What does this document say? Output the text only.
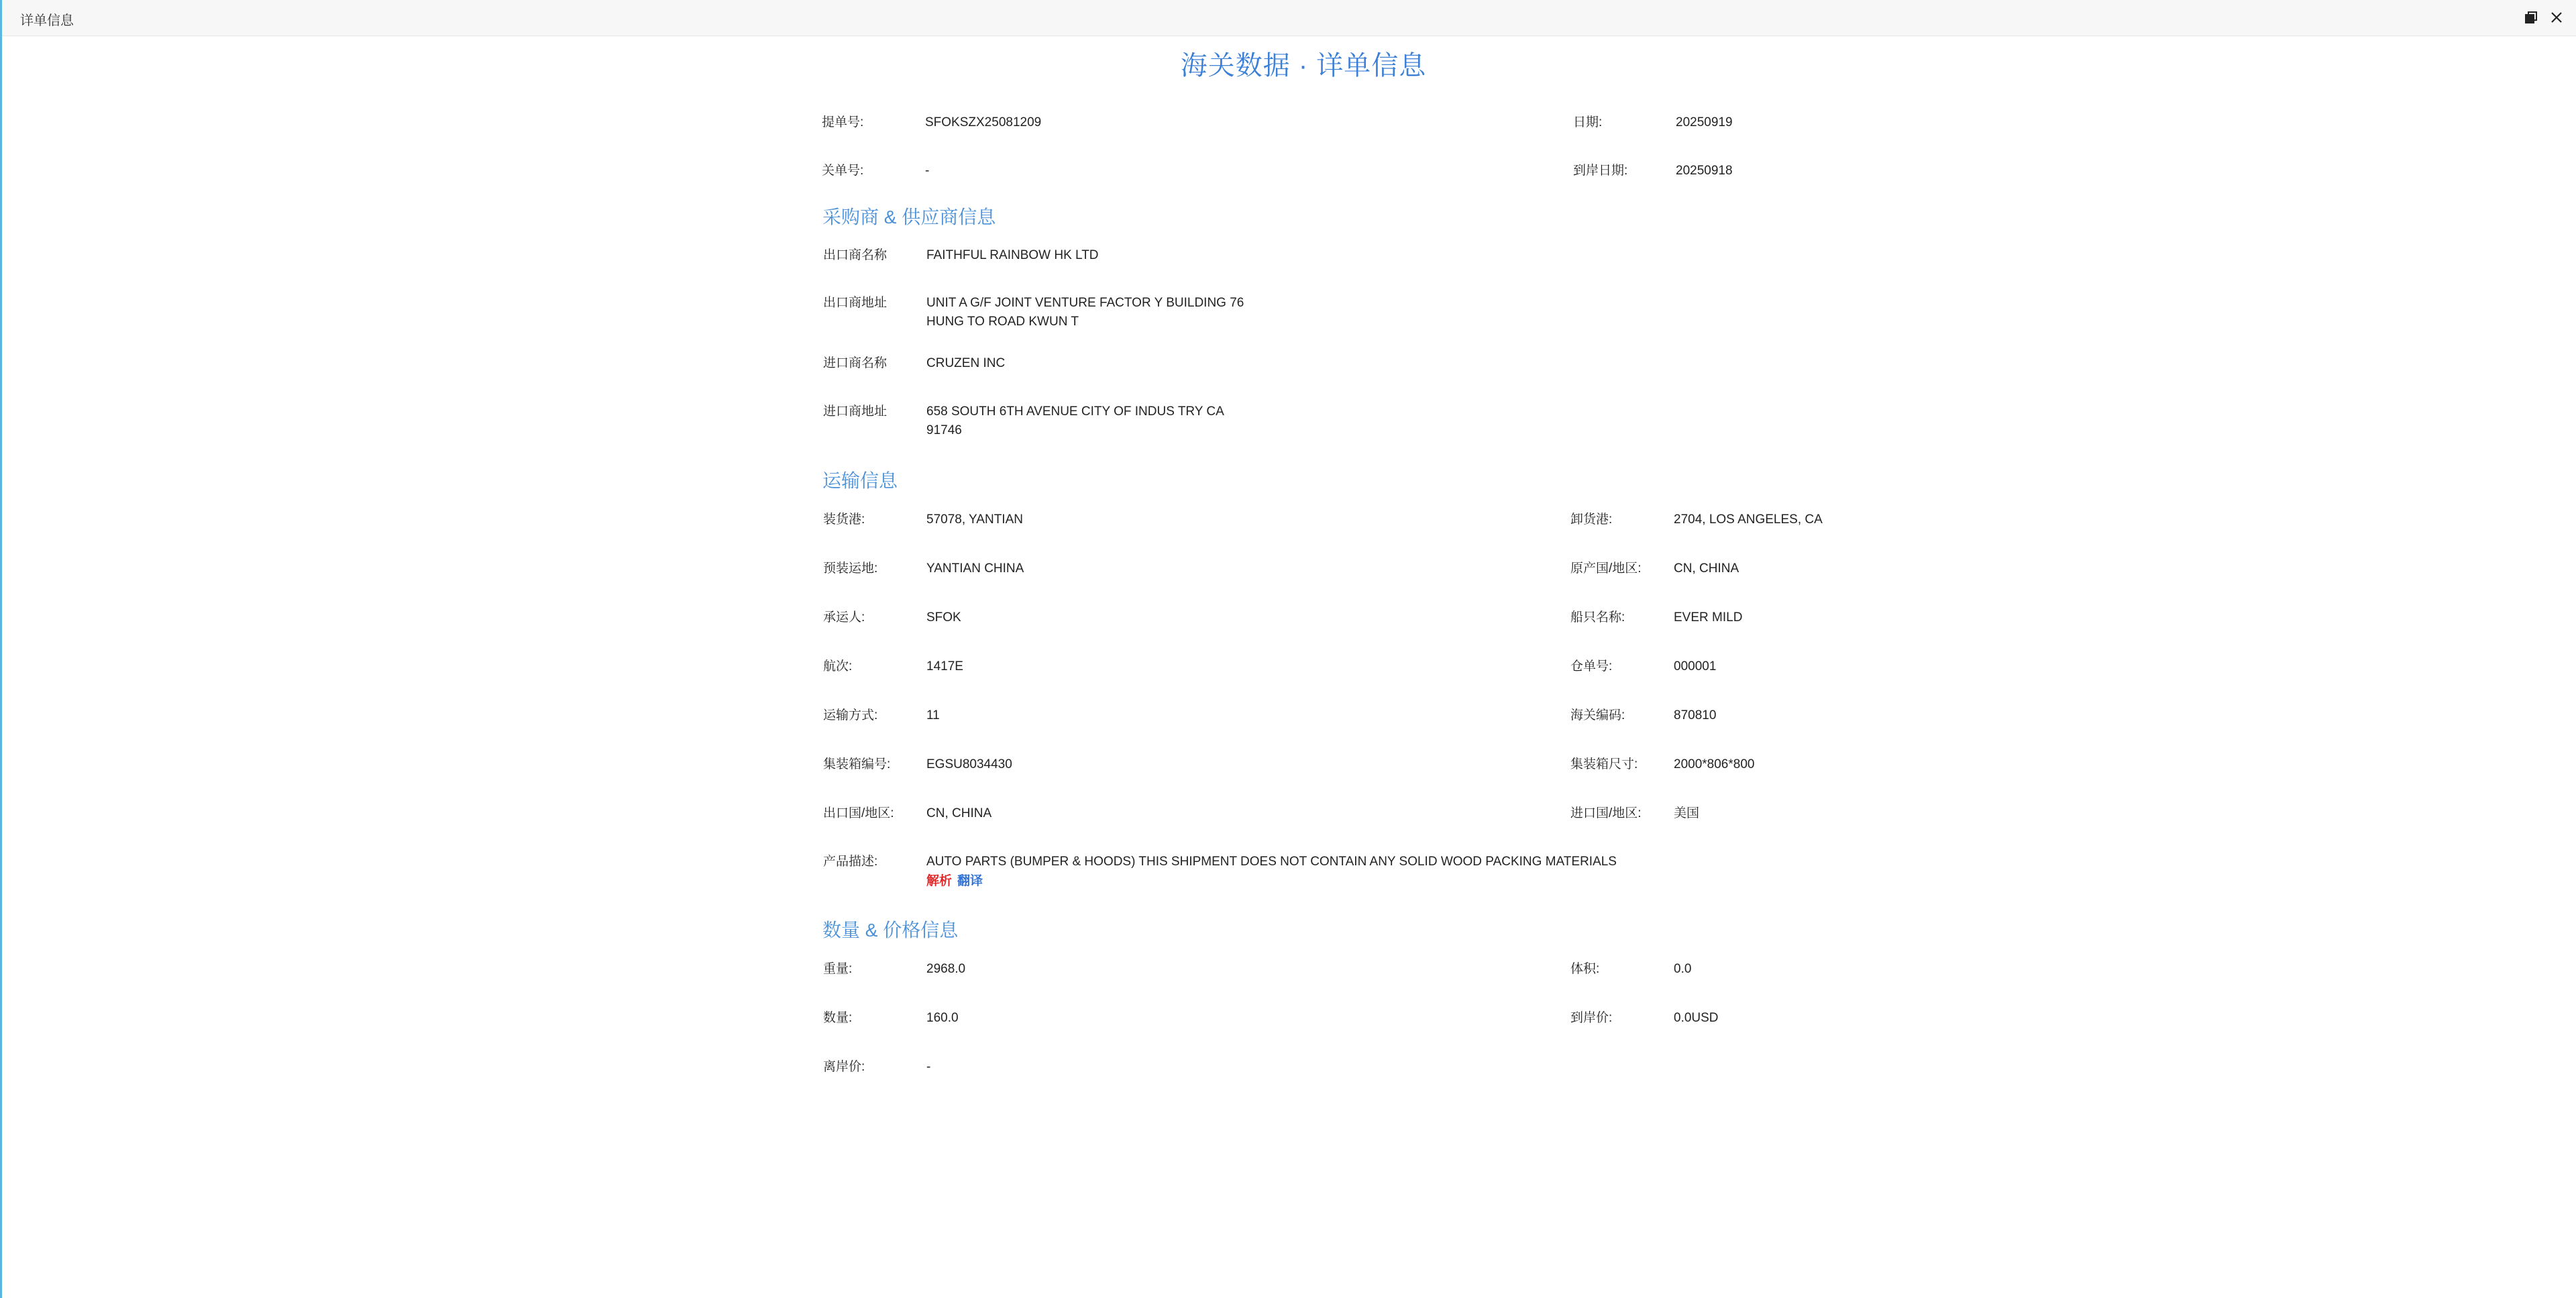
详单信息
海关数据 · 详单信息
提单号:	SFOKSZX25081209	日期:	20250919
关单号:	-	到岸日期:	20250918
采购商 & 供应商信息
出口商名称	FAITHFUL RAINBOW HK LTD
出口商地址	UNIT A G/F JOINT VENTURE FACTOR Y BUILDING 76
HUNG TO ROAD KWUN T
进口商名称	CRUZEN INC
进口商地址	658 SOUTH 6TH AVENUE CITY OF INDUS TRY CA
91746
运输信息
装货港:	57078, YANTIAN	卸货港:	2704, LOS ANGELES, CA
预装运地:	YANTIAN CHINA	原产国/地区:	CN, CHINA
承运人:	SFOK	船只名称:	EVER MILD
航次:	1417E	仓单号:	000001
运输方式:	11	海关编码:	870810
集装箱编号:	EGSU8034430	集装箱尺寸:	2000*806*800
出口国/地区:	CN, CHINA	进口国/地区:	美国
产品描述:	AUTO PARTS (BUMPER & HOODS) THIS SHIPMENT DOES NOT CONTAIN ANY SOLID WOOD PACKING MATERIALS
解析 翻译
数量 & 价格信息
重量:	2968.0	体积:	0.0
数量:	160.0	到岸价:	0.0USD
离岸价:	-
